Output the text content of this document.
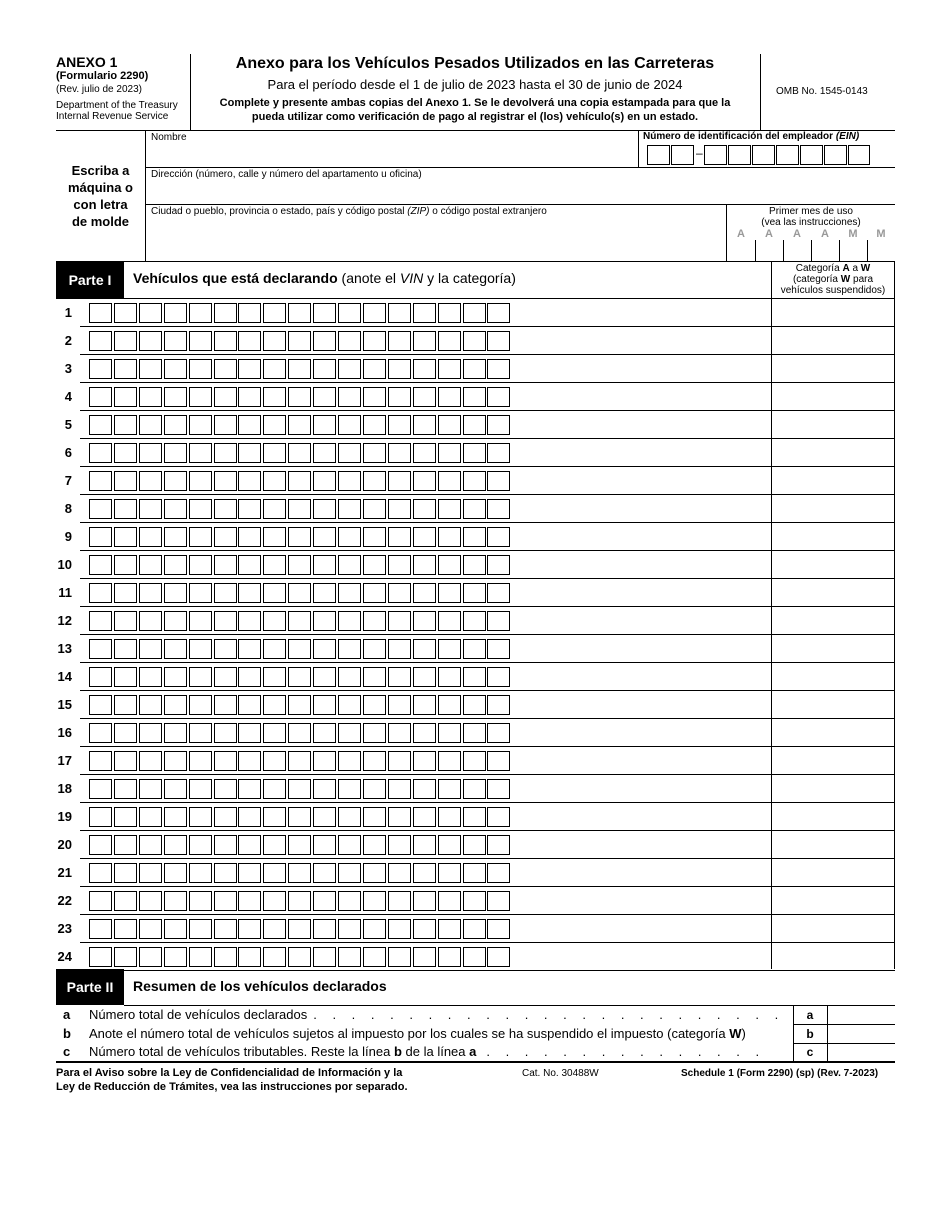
ANEXO 1
(Formulario 2290)
(Rev. julio de 2023)
Department of the Treasury
Internal Revenue Service
Anexo para los Vehículos Pesados Utilizados en las Carreteras
Para el período desde el 1 de julio de 2023 hasta el 30 de junio de 2024
Complete y presente ambas copias del Anexo 1. Se le devolverá una copia estampada para que la
pueda utilizar como verificación de pago al registrar el (los) vehículo(s) en un estado.
OMB No. 1545-0143
Escriba a
máquina o
con letra
de molde
Nombre	Número de identificación del empleador (EIN)
–
Dirección (número, calle y número del apartamento u oficina)
Ciudad o pueblo, provincia o estado, país y código postal (ZIP) o código postal extranjero	Primer mes de uso
(vea las instrucciones)
A	A	A	A	M	M
Parte I	Vehículos que está declarando (anote el VIN y la categoría)
Categoría A a W
(categoría W para
vehículos suspendidos)
1
2
3
4
5
6
7
8
9
10
11
12
13
14
15
16
17
18
19
20
21
22
23
24
Parte II	Resumen de los vehículos declarados
a Número total de vehículos declarados . . . . . . . . . . . . . . . . . . . . . . . . .	a
b Anote el número total de vehículos sujetos al impuesto por los cuales se ha suspendido el impuesto (categoría W)	b
c Número total de vehículos tributables. Reste la línea b de la línea a . . . . . . . . . . . . . . .	c
Para el Aviso sobre la Ley de Confidencialidad de Información y la
Ley de Reducción de Trámites, vea las instrucciones por separado.
Cat. No. 30488W	Schedule 1 (Form 2290) (sp) (Rev. 7-2023)
